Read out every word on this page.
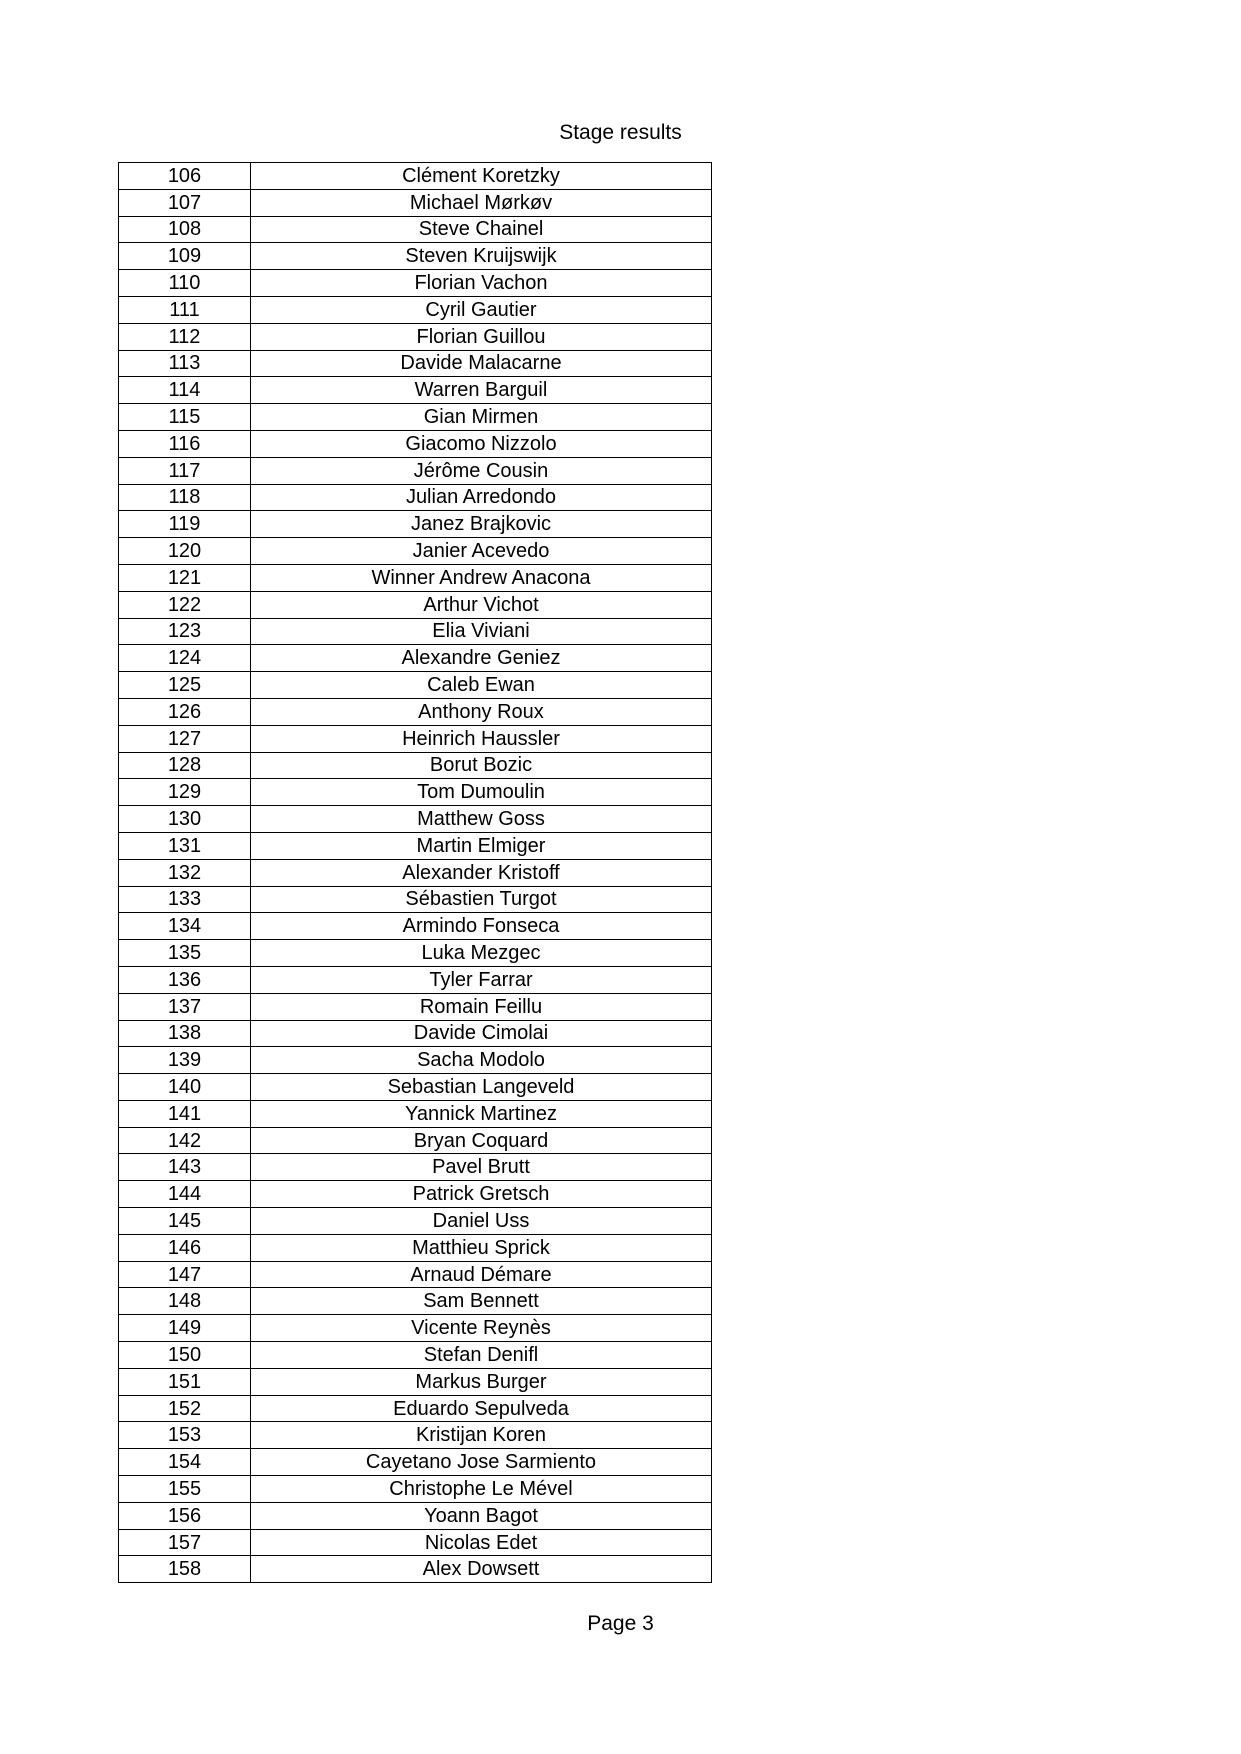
Stage results
106	Clément Koretzky
107	Michael Mørkøv
108	Steve Chainel
109	Steven Kruijswijk
110	Florian Vachon
111	Cyril Gautier
112	Florian Guillou
113	Davide Malacarne
114	Warren Barguil
115	Gian Mirmen
116	Giacomo Nizzolo
117	Jérôme Cousin
118	Julian Arredondo
119	Janez Brajkovic
120	Janier Acevedo
121	Winner Andrew Anacona
122	Arthur Vichot
123	Elia Viviani
124	Alexandre Geniez
125	Caleb Ewan
126	Anthony Roux
127	Heinrich Haussler
128	Borut Bozic
129	Tom Dumoulin
130	Matthew Goss
131	Martin Elmiger
132	Alexander Kristoff
133	Sébastien Turgot
134	Armindo Fonseca
135	Luka Mezgec
136	Tyler Farrar
137	Romain Feillu
138	Davide Cimolai
139	Sacha Modolo
140	Sebastian Langeveld
141	Yannick Martinez
142	Bryan Coquard
143	Pavel Brutt
144	Patrick Gretsch
145	Daniel Uss
146	Matthieu Sprick
147	Arnaud Démare
148	Sam Bennett
149	Vicente Reynès
150	Stefan Denifl
151	Markus Burger
152	Eduardo Sepulveda
153	Kristijan Koren
154	Cayetano Jose Sarmiento
155	Christophe Le Mével
156	Yoann Bagot
157	Nicolas Edet
158	Alex Dowsett
Page 3
